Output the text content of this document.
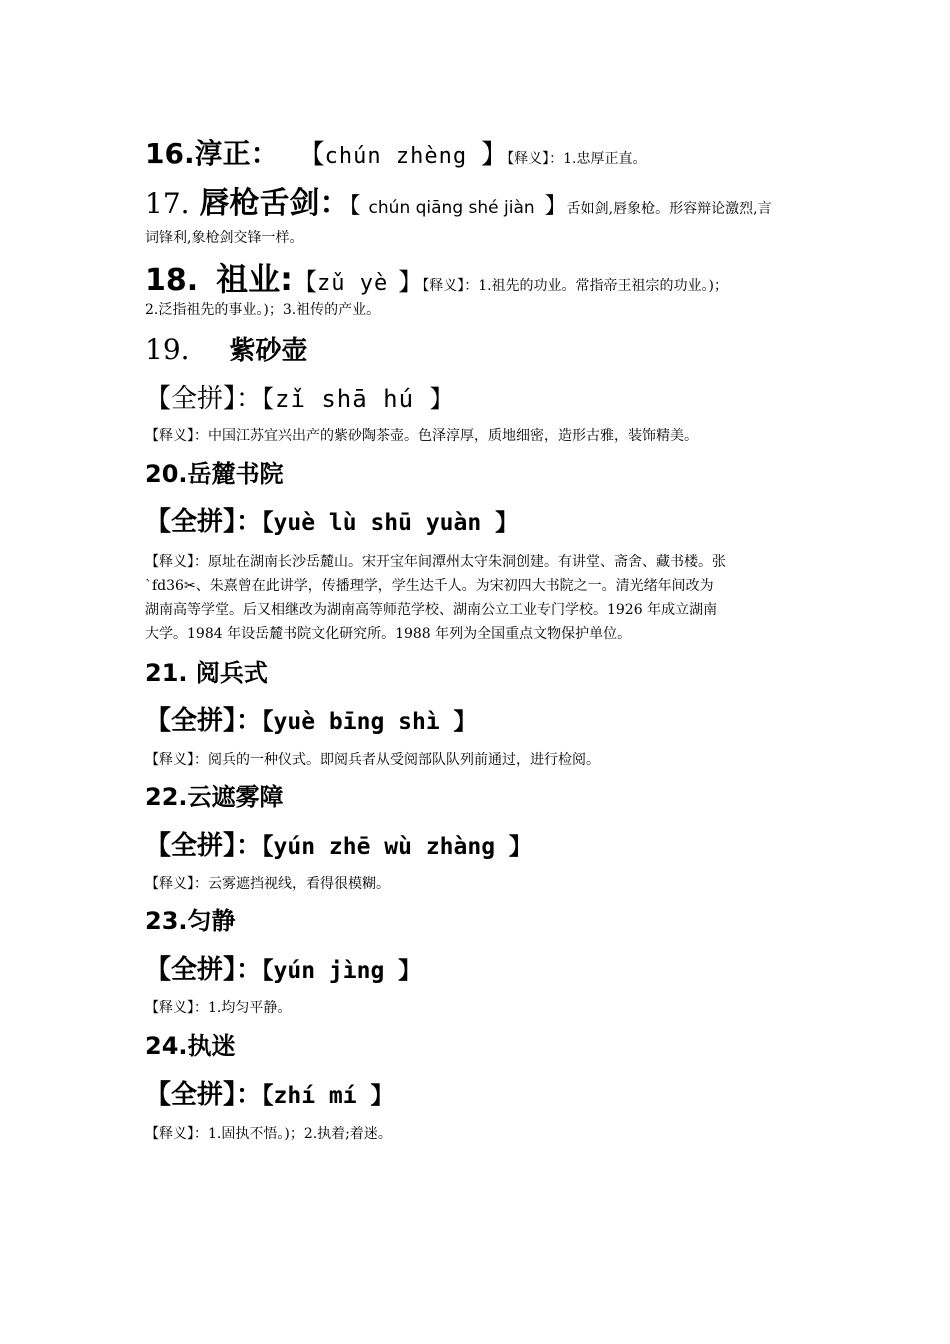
16.淳正： 【chún zhèng 】【释义】：1.忠厚正直。
17. 唇枪舌剑：【 chún qiāng shé jiàn 】舌如剑,唇象枪。形容辩论激烈,言
词锋利,象枪剑交锋一样。
18. 祖业:【zǔ yè 】【释义】：1.祖先的功业。常指帝王祖宗的功业。)；
2.泛指祖先的事业。)；3.祖传的产业。
19. 紫砂壶
【全拼】：【zǐ shā hú 】
【释义】：中国江苏宜兴出产的紫砂陶茶壶。色泽淳厚，质地细密，造形古雅，装饰精美。
20.岳麓书院
【全拼】：【yuè lù shū yuàn 】
【释义】：原址在湖南长沙岳麓山。宋开宝年间潭州太守朱洞创建。有讲堂、斋舍、藏书楼。张
`fd36✂、朱熹曾在此讲学，传播理学，学生达千人。为宋初四大书院之一。清光绪年间改为
湖南高等学堂。后又相继改为湖南高等师范学校、湖南公立工业专门学校。1926 年成立湖南
大学。1984 年设岳麓书院文化研究所。1988 年列为全国重点文物保护单位。
21. 阅兵式
【全拼】：【yuè bīng shì 】
【释义】：阅兵的一种仪式。即阅兵者从受阅部队队列前通过，进行检阅。
22.云遮雾障
【全拼】：【yún zhē wù zhàng 】
【释义】：云雾遮挡视线，看得很模糊。
23.匀静
【全拼】：【yún jìng 】
【释义】：1.均匀平静。
24.执迷
【全拼】：【zhí mí 】
【释义】：1.固执不悟。)；2.执着;着迷。
